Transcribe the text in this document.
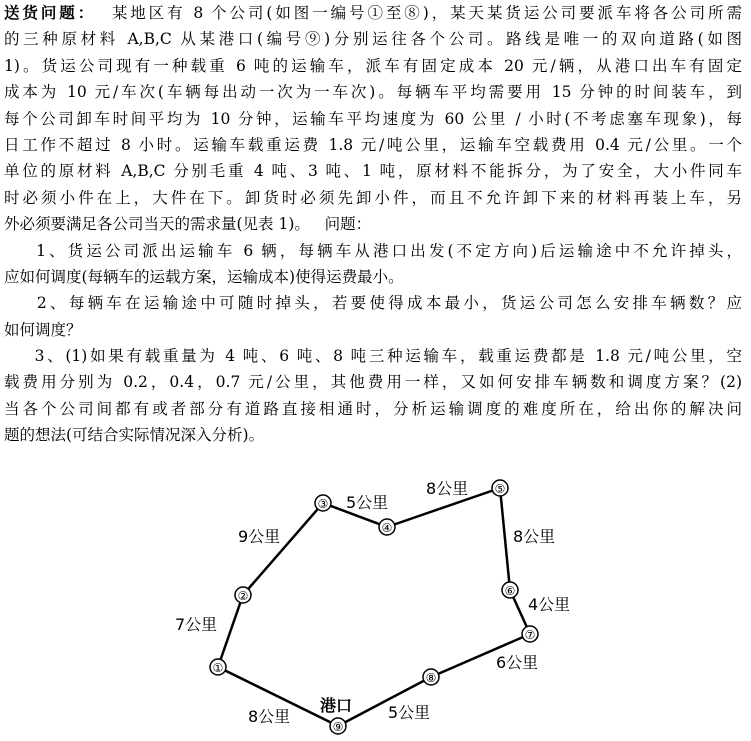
送货问题：  某地区有 8 个公司(如图一编号①至⑧)，某天某货运公司要派车将各公司所需
的三种原材料 A,B,C 从某港口(编号⑨)分别运往各个公司。路线是唯一的双向道路(如图
1)。货运公司现有一种载重 6 吨的运输车，派车有固定成本 20 元/辆，从港口出车有固定
成本为 10 元/车次(车辆每出动一次为一车次)。每辆车平均需要用 15 分钟的时间装车，到
每个公司卸车时间平均为 10 分钟，运输车平均速度为 60 公里 / 小时(不考虑塞车现象)，每
日工作不超过 8 小时。运输车载重运费 1.8 元/吨公里，运输车空载费用 0.4 元/公里。一个
单位的原材料 A,B,C 分别毛重 4 吨、3 吨、1 吨，原材料不能拆分，为了安全，大小件同车
时必须小件在上，大件在下。卸货时必须先卸小件，而且不允许卸下来的材料再装上车，另
外必须要满足各公司当天的需求量(见表 1)。   问题：
1、货运公司派出运输车 6 辆，每辆车从港口出发(不定方向)后运输途中不允许掉头，
应如何调度(每辆车的运载方案，运输成本)使得运费最小。
2、每辆车在运输途中可随时掉头，若要使得成本最小，货运公司怎么安排车辆数？应
如何调度？
3、(1)如果有载重量为 4 吨、6 吨、8 吨三种运输车，载重运费都是 1.8 元/吨公里，空
载费用分别为 0.2，0.4，0.7 元/公里，其他费用一样，又如何安排车辆数和调度方案？(2)
当各个公司间都有或者部分有道路直接相通时，分析运输调度的难度所在，给出你的解决问
题的想法(可结合实际情况深入分析)。
7公里
9公里
5公里
8公里
8公里
4公里
6公里
5公里
8公里
①
②
③
④
⑤
⑥
⑦
⑧
⑨
港口
